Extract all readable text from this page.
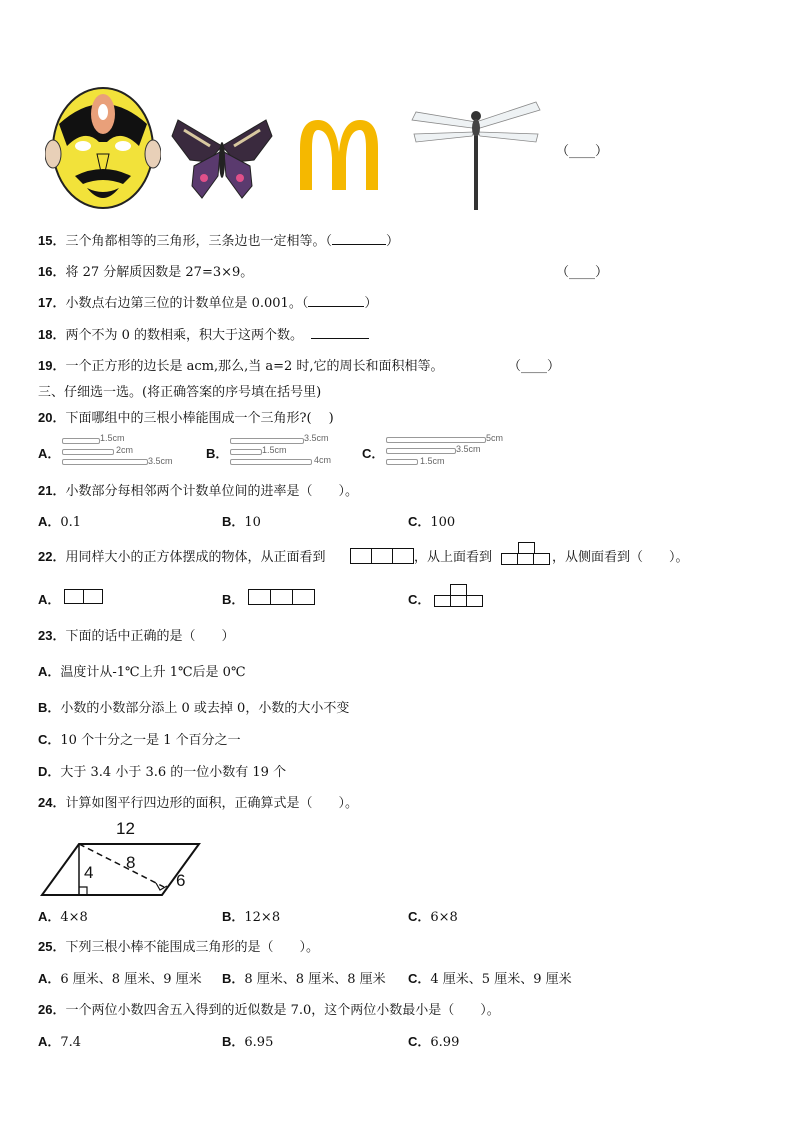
（____）
15．三个角都相等的三角形，三条边也一定相等。（	）
16．将 27 分解质因数是 27=3×9。	（____）
17．小数点右边第三位的计数单位是 0.001。（	）
18．两个不为 0 的数相乘，积大于这两个数。
19．一个正方形的边长是 acm,那么,当 a=2 时,它的周长和面积相等。	（____）
三、仔细选一选。(将正确答案的序号填在括号里)
20．下面哪组中的三根小棒能围成一个三角形?(　 )
A．
1.5cm
2cm
3.5cm	B．
3.5cm
1.5cm
4cm C．
5cm
3.5cm
1.5cm
21．小数部分每相邻两个计数单位间的进率是（　　）。
A．0.1	B．10	C．100
22．用同样大小的正方体摆成的物体，从正面看到	，从上面看到	，从侧面看到（　　）。
A．	B．	C．
23．下面的话中正确的是（　　）
A．温度计从-1℃上升 1℃后是 0℃
B．小数的小数部分添上 0 或去掉 0，小数的大小不变
C．10 个十分之一是 1 个百分之一
D．大于 3.4 小于 3.6 的一位小数有 19 个
24．计算如图平行四边形的面积，正确算式是（　　）。
12
4
8
6
A．4×8	B．12×8	C．6×8
25．下列三根小棒不能围成三角形的是（　　）。
A．6 厘米、8 厘米、9 厘米 B．8 厘米、8 厘米、8 厘米 C．4 厘米、5 厘米、9 厘米
26．一个两位小数四舍五入得到的近似数是 7.0，这个两位小数最小是（　　）。
A．7.4	B．6.95	C．6.99
